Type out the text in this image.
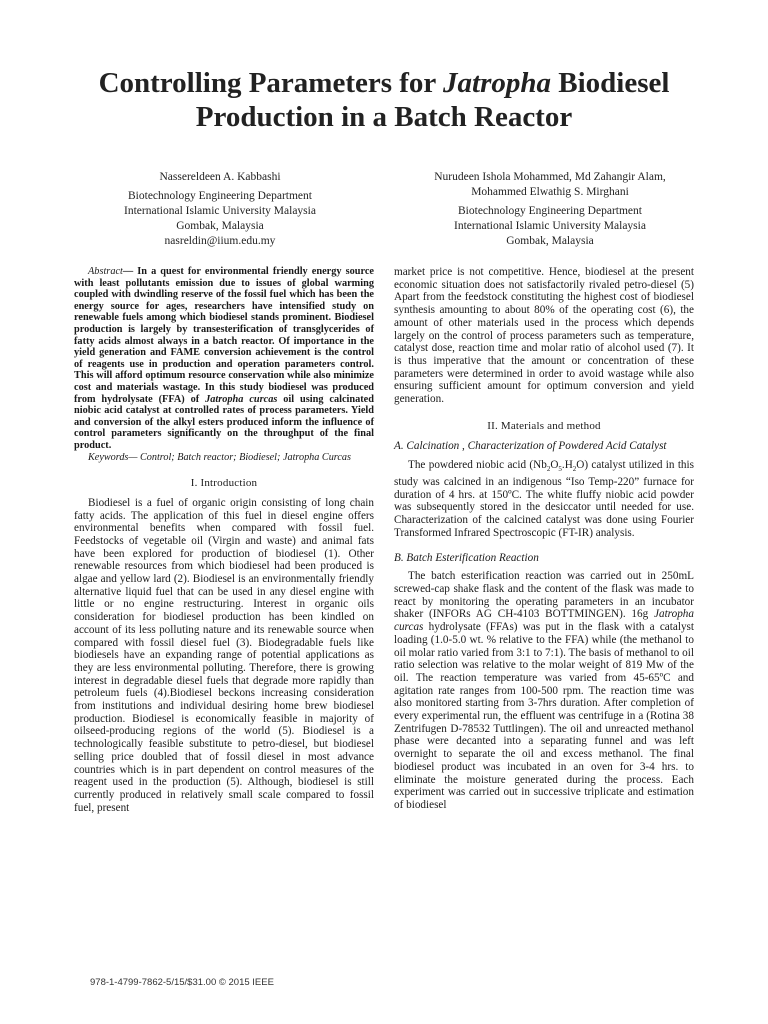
Controlling Parameters for Jatropha Biodiesel
Production in a Batch Reactor
Nassereldeen A. Kabbashi
Biotechnology Engineering Department
International Islamic University Malaysia
Gombak, Malaysia
nasreldin@iium.edu.my
Nurudeen Ishola Mohammed, Md Zahangir Alam,
Mohammed Elwathig S. Mirghani
Biotechnology Engineering Department
International Islamic University Malaysia
Gombak, Malaysia

Abstract— In a quest for environmental friendly energy source with least pollutants emission due to issues of global warming coupled with dwindling reserve of the fossil fuel which has been the energy source for ages, researchers have intensified study on renewable fuels among which biodiesel stands prominent. Biodiesel production is largely by transesterification of transglycerides of fatty acids almost always in a batch reactor. Of importance in the yield generation and FAME conversion achievement is the control of reagents use in production and operation parameters control. This will afford optimum resource conservation while also minimize cost and materials wastage. In this study biodiesel was produced from hydrolysate (FFA) of Jatropha curcas oil using calcinated niobic acid catalyst at controlled rates of process parameters. Yield and conversion of the alkyl esters produced inform the influence of control parameters significantly on the throughput of the final product.

Keywords— Control; Batch reactor; Biodiesel; Jatropha Curcas

I. Introduction

Biodiesel is a fuel of organic origin consisting of long chain fatty acids. The application of this fuel in diesel engine offers environmental benefits when compared with fossil fuel. Feedstocks of vegetable oil (Virgin and waste) and animal fats have been explored for production of biodiesel (1). Other renewable resources from which biodiesel had been produced is algae and yellow lard (2). Biodiesel is an environmentally friendly alternative liquid fuel that can be used in any diesel engine with little or no engine restructuring. Interest in organic oils consideration for biodiesel production has been kindled on account of its less polluting nature and its renewable source when compared with fossil diesel fuel (3). Biodegradable fuels like biodiesels have an expanding range of potential applications as they are less environmental polluting. Therefore, there is growing interest in degradable diesel fuels that degrade more rapidly than petroleum fuels (4).Biodiesel beckons increasing consideration from institutions and individual desiring home brew biodiesel production. Biodiesel is economically feasible in majority of oilseed-producing regions of the world (5). Biodiesel is a technologically feasible substitute to petro-diesel, but biodiesel selling price doubled that of fossil diesel in most advance countries which is in part dependent on control measures of the reagent used in the production (5). Although, biodiesel is still currently produced in relatively small scale compared to fossil fuel, present

market price is not competitive. Hence, biodiesel at the present economic situation does not satisfactorily rivaled petro-diesel (5) Apart from the feedstock constituting the highest cost of biodiesel synthesis amounting to about 80% of the operating cost (6), the amount of other materials used in the process which depends largely on the control of process parameters such as temperature, catalyst dose, reaction time and molar ratio of alcohol used (7). It is thus imperative that the amount or concentration of these parameters were determined in order to avoid wastage while also ensuring sufficient amount for optimum conversion and yield generation.

II. Materials and method

A. Calcination , Characterization of Powdered Acid Catalyst

The powdered niobic acid $(Nb_2O_5.H_2O)$ catalyst utilized in this study was calcined in an indigenous “Iso Temp-220” furnace for duration of 4 hrs. at 150ºC. The white fluffy niobic acid powder was subsequently stored in the desiccator until needed for use. Characterization of the calcined catalyst was done using Fourier Transformed Infrared Spectroscopic (FT-IR) analysis.

B. Batch Esterification Reaction

The batch esterification reaction was carried out in 250mL screwed-cap shake flask and the content of the flask was made to react by monitoring the operating parameters in an incubator shaker (INFORs AG CH-4103 BOTTMINGEN). 16g Jatropha curcas hydrolysate (FFAs) was put in the flask with a catalyst loading (1.0-5.0 wt. % relative to the FFA) while (the methanol to oil molar ratio varied from 3:1 to 7:1). The basis of methanol to oil ratio selection was relative to the molar weight of 819 Mw of the oil. The reaction temperature was varied from 45-65ºC and agitation rate ranges from 100-500 rpm. The reaction time was also monitored starting from 3-7hrs duration. After completion of every experimental run, the effluent was centrifuge in a (Rotina 38 Zentrifugen D-78532 Tuttlingen). The oil and unreacted methanol phase were decanted into a separating funnel and was left overnight to separate the oil and excess methanol. The final biodiesel product was incubated in an oven for 3-4 hrs. to eliminate the moisture generated during the process. Each experiment was carried out in successive triplicate and estimation of biodiesel

978-1-4799-7862-5/15/$31.00 © 2015 IEEE
